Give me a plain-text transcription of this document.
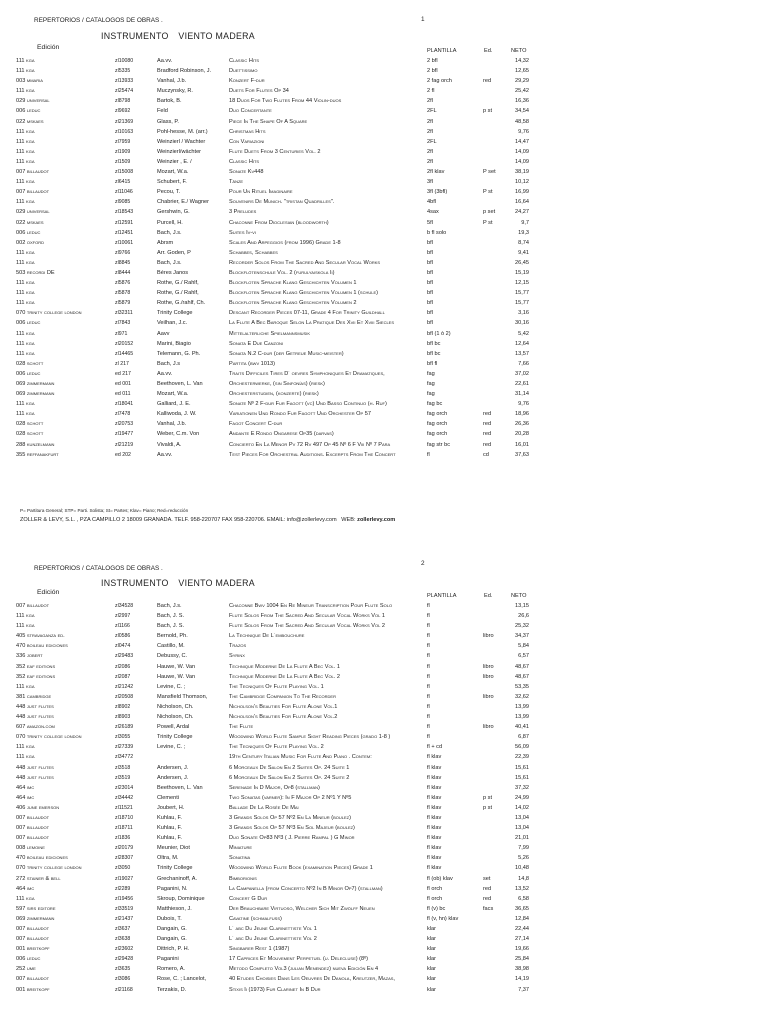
REPERTORIOS / CATALOGOS DE OBRAS .	1
INSTRUMENTO VIENTO MADERA
Edición	PLANTILLA	Ed.	NETO
111 kga	zl10080	Aa.vv.	Classic Hits	2 bfl	14,32
111 kga	zl5335	Bradford Robinson, J.	Duettissimo	2 bfl	12,65
003 mmaria	zl13933	Vanhal, J.b.	Konzert F-dur	2 fag orch	red	29,29
111 kga	zl25474	Muczynsky, R.	Duets For Flutes Op 34	2 fl	25,42
029 universal	zl8798	Bartok, B.	18 Duos For Two Flutes From 44 Violin-duos	2fl	16,36
006 leduc	zl9692	Feld	Duo Concertante	2FL	p st	34,54
022 mskaes	zl21369	Glass, P.	Piece In The Shape Of A Square	2fl	48,58
111 kga	zl10163	Pohl-hesse, M. (arr.)	Christmas Hits	2fl	9,76
111 kga	zl7959	Weinzierl / Wachter	Con Variazioni	2FL	14,47
111 kga	zl1909	Weinzierl/wächter	Flute Duets From 3 Centuries Vol. 2	2fl	14,09
111 kga	zl1509	Weinzier , E. /	Classic Hits	2fl	14,09
007 billaudot	zl15008	Mozart, W.a.	Sonate Kv448	2fl klav	P set	38,19
111 kga	zl6415	Schubert, F.	Tänze	3fl	10,12
007 billaudot	zl11046	Pecou, T.	Pour Un Rituel Imaginaire	3fl (3bfl)	P st	16,99
111 kga	zl9085	Chabrier, E./ Wagner	Souvenirs De Munich. "tristan Quadrilles".	4bfl	16,64
029 universal	zl18543	Gershwin, G.	3 Preludes	4sax	p set	24,27
022 mskaes	zl12591	Purcell, H.	Chaconne From Dioclesian (bloodworth)	5fl	P st	9,7
006 leduc	zl12451	Bach, J.s.	Suites Iv-vi	b fl solo	19,3
002 oxford	zl10061	Abrsm	Scales And Arpeggios (from 1996) Grade 1-8	bfl	8,74
111 kga	zl9766	Arr. Goden, P	Schabbes, Schabbes	bfl	9,41
111 kga	zl8845	Bach, J.s.	Recorder Solos From The Sacred And Secular Vocal Works	bfl	26,45
503 recordi DE	zl8444	Béres Janos	Blockflötenschule Vol. 2 (furulyaiskola Ii)	bfl	15,19
111 kga	zl5876	Rothe, G./ Rahlf,	Blockfloten Sprache Klang Geschichten Volumen 1	bfl	12,15
111 kga	zl5878	Rothe, G./ Rahlf,	Blockfloten Sprache Klang Geschichten Volumen 1 (schule)	bfl	15,77
111 kga	zl5879	Rothe, G./rahlf, Ch.	Blockfloten Sprache Klang Geschichten Volumen 2	bfl	15,77
070 trinity college london	zl32311	Trinity College	Descant Recorder Pieces 07-11, Grade 4 For Trinity Guildhall	bfl	3,16
006 leduc	zl7843	Veilhan, J.c.	La Flute A Bec Baroque Selon La Pratique Des Xvii Et Xviii Siecles	bfl	30,16
111 kga	zl971	Aavv	Mittelalterliche Spielmannsmusik	bfl (1 ò 2)	5,42
111 kga	zl20152	Marini, Biagio	Sonata E Due Canzoni	bfl bc	12,64
111 kga	zl14465	Telemann, G. Ph.	Sonata N.2 C-dur (der Getreue Music-meister)	bfl bc	13,57
028 schott	zl 217	Bach, J.s	Partita (bwv 1013)	bfl fl	7,66
006 leduc	ed 217	Aa.vv.	Traits Difficiles Tires D´ oevres Symphoniques Et Dramatiques,	fag	37,02
069 zimmermann	ed 001	Beethoven, L. Van	Orchesterwerke, (sin Sinfonías) (riesk)	fag	22,61
069 zimmermann	ed 011	Mozart, W.a.	Orchesterstudien, (konzerte) (riesk)	fag	31,14
111 kga	zl18041	Galliard, J. E.	Sonate Nº 2 F-dur Fur Fagott (vc) Und Basso Continuo (h. Ruf)	fag bc	9,76
111 kga	zl7478	Kalliwoda, J. W.	Variationen Und Rondo Fur Fagott Und Orchester Op 57	fag orch	red	18,96
028 schott	zl20753	Vanhal, J.b.	Fagot Concert C-dur	fag orch	red	26,36
028 schott	zl19477	Weber, C.m. Von	Andante E Rondo Ongarese Op35 (darvas)	fag orch	red	20,28
288 kunzelmann	zl21219	Vivaldi, A.	Concierto En La Menor Pv 72 Rv 497 Op 45 Nº 6 F Viii Nº 7 Para	fag str bc	red	16,01
355 reffanakfurt	ed 202	Aa.vv.	Test Pieces For Orchestral Auditions. Excerpts From The Concert	fl	cd	37,63
P= Partitura General; STP= Parti. Solista; St= Partes; Klav= Piano; Red=reducción
ZOLLER & LEVY, S.L. , PZA CAMPILLO 2 18009 GRANADA. TELF. 958-220707 FAX 958-220706. EMAIL: info@zollerlevy.com WEB: zollerlevy.com
REPERTORIOS / CATALOGOS DE OBRAS .
2
INSTRUMENTO VIENTO MADERA
Edición	PLANTILLA	Ed.	NETO
007 billaudot	zl34528	Bach, J.s.	Chaconne Bwv 1004 En Re Mineur Transcription Pour Flute Solo	fl	13,15
111 kga	zl2997	Bach, J. S.	Flute Solos From The Sacred And Secular Vocal Works Vol 1	fl	26,6
111 kga	zl1166	Bach, J. S.	Flute Solos From The Sacred And Secular Vocal Works Vol 2	fl	25,32
405 stravaganza ed.	zl0586	Bernold, Ph.	La Technique De L´embouchure	fl	libro	34,37
470 boileau ediciones	zl0474	Castillo, M.	Trazos	fl	5,84
336 jobert	zl29483	Debussy, C.	Syrinx	fl	6,57
352 eaf editions	zl2086	Hauwe, W. Van	Technique Moderne De La Flute A Bec Vol. 1	fl	libro	48,67
352 eaf editions	zl2087	Hauwe, W. Van	Technique Moderne De La Flute A Bec Vol. 2	fl	libro	48,67
111 kga	zl21242	Levine, C. ;	The Tecniques Of Flute Playing Vol. 1	fl	53,35
381 cambridge	zl20508	Mansfield Thomson,	The Cambridge Companion To The Recorder	fl	libro	32,62
448 just flutes	zl8902	Nicholson, Ch.	Nicholson's Beauties For Flute Alone Vol.1	fl	13,99
448 just flutes	zl8903	Nicholson, Ch.	Nicholson's Beauties For Flute Alone Vol.2	fl	13,99
607 amazon.com	zl26189	Powell, Ardal	The Flute	fl	libro	40,41
070 trinity college london	zl3055	Trinity College	Woodwind World Flute Sample Sight Reading Pieces (grado 1-8 )	fl	6,87
111 kga	zl27339	Levine, C. ;	The Tecniques Of Flute Playing Vol. 2	fl + cd	56,09
111 kga	zl34772	19th Century Italian Music For Flute And Piano . Contem:	fl klav	22,39
448 just flutes	zl3518	Andersen, J.	6 Morceaux De Salon En 2 Suites Op. 24 Suite 1	fl klav	15,61
448 just flutes	zl3519	Andersen, J.	6 Morceaux De Salon En 2 Suites Op. 24 Suite 2	fl klav	15,61
464 imc	zl23014	Beethoven, L. Van	Serenade In D Major, Op8 (stallman)	fl klav	37,32
464 imc	zl34442	Clementi	Two Sonatas (varner): In F Major Op 2 Nº1 Y Nº5	fl klav	p st	24,99
406 june emerson	zl11521	Joubert, H.	Ballade De La Rosée De Mai	fl klav	p st	14,02
007 billaudot	zl18710	Kuhlau, F.	3 Grands Solos Op 57 Nº2 En La Mineur (boulez)	fl klav	13,04
007 billaudot	zl18711	Kuhlau, F.	3 Grands Solos Op 57 Nº3 En Sol Majeur (boulez)	fl klav	13,04
007 billaudot	zl1836	Kuhlau, F.	Duo Sonate Op83 Nº3 ( J. Pierre Rampal ) G Minor	fl klav	21,01
008 lemoine	zl20179	Meunier, Diot	Miniature	fl klav	7,99
470 boileau ediciones	zl28307	Oltra, M.	Sonatina	fl klav	5,26
070 trinity college london	zl3050	Trinity College	Woodwind World Flute Book (examination Pieces) Grade 1	fl klav	10,48
272 stainer & bell	zl19027	Grechaninoff, A.	Bimborionis	fl (ob) klav	set	14,8
464 imc	zl2289	Paganini, N.	La Campanella (from Concerto Nº2 In B Minor Op7) (stallman)	fl orch	red	13,52
111 kga	zl19456	Skroup, Dominique	Concert G Dur	fl orch	red	6,58
597 sirs editore	zl33519	Matthieson, J.	Der Brauchbare Virtuoso, Welcher Sich Mit Zwölff Neuen	fl (v) bc	facs	36,65
069 zimmermann	zl21437	Dubois, T.	Cavatine (schmalfuss)	fl (v, hn) klav	12,84
007 billaudot	zl3637	Dangain, G.	L´ abc Du Jeune Clarinettiste Vol 1	klar	22,44
007 billaudot	zl3638	Dangain, G.	L´ abc Du Jeune Clarinettiste Vol 2	klar	27,14
001 breitkopf	zl23602	Dittrich, P. H.	Singbarer Rest 1 (1987)	klar	19,66
006 leduc	zl29428	Paganini	17 Caprices Et Mouvement Perpetuel (u. Delecluse) (8º)	klar	25,84
252 ume	zl3635	Romero, A.	Metodo Completo Vol3 (julian Menendez) nueva Edición En 4	klar	38,98
007 billaudot	zl3086	Rose, C. ; Lancelot,	40 Etudes Choisies Dans Les Oeuvres De Danola, Kreutzer, Mazas,	klar	14,19
001 breitkopf	zl21168	Terzakis, D.	Stixis Ii (1973) Fur Clarinet In B Dur	klar	7,37
